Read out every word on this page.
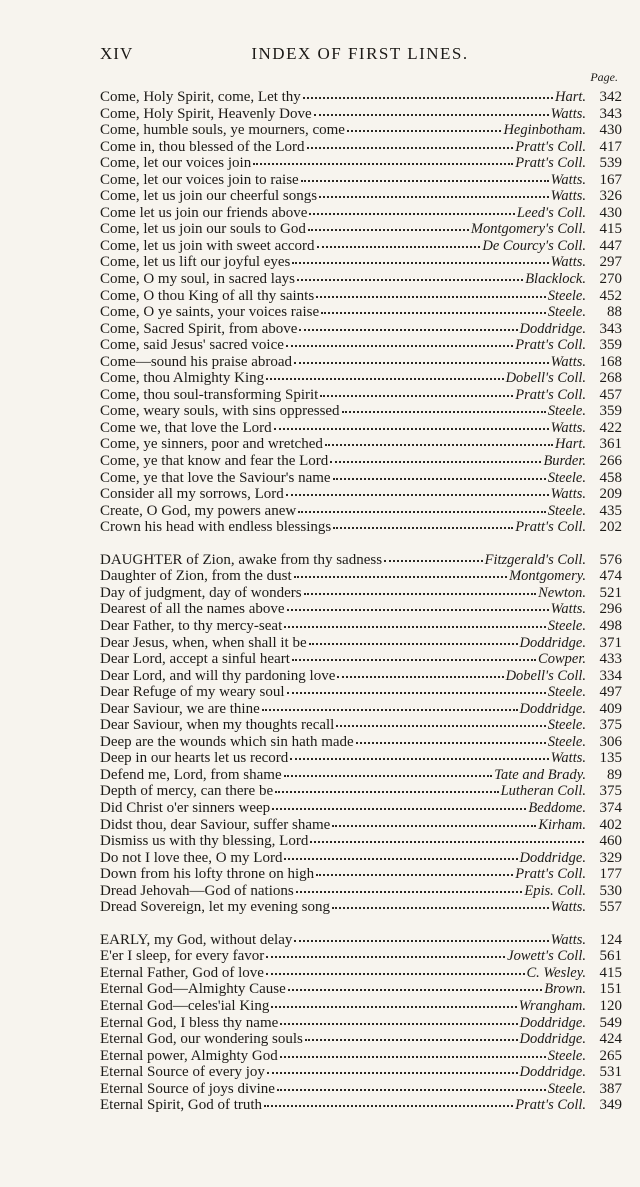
XIV	INDEX OF FIRST LINES.
Page.
Come, Holy Spirit, come, Let thy	Hart. 342
Come, Holy Spirit, Heavenly Dove	Watts. 343
Come, humble souls, ye mourners, come	Heginbotham. 430
Come in, thou blessed of the Lord	Pratt's Coll. 417
Come, let our voices join	Pratt's Coll. 539
Come, let our voices join to raise	Watts. 167
Come, let us join our cheerful songs	Watts. 326
Come let us join our friends above	Leed's Coll. 430
Come, let us join our souls to God	Montgomery's Coll. 415
Come, let us join with sweet accord	De Courcy's Coll. 447
Come, let us lift our joyful eyes	Watts. 297
Come, O my soul, in sacred lays	Blacklock. 270
Come, O thou King of all thy saints	Steele. 452
Come, O ye saints, your voices raise	Steele.	88
Come, Sacred Spirit, from above	Doddridge. 343
Come, said Jesus' sacred voice	Pratt's Coll. 359
Come—sound his praise abroad	Watts. 168
Come, thou Almighty King	Dobell's Coll. 268
Come, thou soul-transforming Spirit	Pratt's Coll. 457
Come, weary souls, with sins oppressed	Steele. 359
Come we, that love the Lord	Watts. 422
Come, ye sinners, poor and wretched	Hart. 361
Come, ye that know and fear the Lord	Burder. 266
Come, ye that love the Saviour's name	Steele. 458
Consider all my sorrows, Lord	Watts. 209
Create, O God, my powers anew	Steele. 435
Crown his head with endless blessings	Pratt's Coll. 202
DAUGHTER of Zion, awake from thy sadness	Fitzgerald's Coll. 576
Daughter of Zion, from the dust	Montgomery. 474
Day of judgment, day of wonders	Newton. 521
Dearest of all the names above	Watts. 296
Dear Father, to thy mercy-seat	Steele. 498
Dear Jesus, when, when shall it be	Doddridge. 371
Dear Lord, accept a sinful heart	Cowper. 433
Dear Lord, and will thy pardoning love	Dobell's Coll. 334
Dear Refuge of my weary soul	Steele. 497
Dear Saviour, we are thine	Doddridge. 409
Dear Saviour, when my thoughts recall	Steele. 375
Deep are the wounds which sin hath made	Steele. 306
Deep in our hearts let us record	Watts. 135
Defend me, Lord, from shame	Tate and Brady.	89
Depth of mercy, can there be	Lutheran Coll. 375
Did Christ o'er sinners weep	Beddome. 374
Didst thou, dear Saviour, suffer shame	Kirham. 402
Dismiss us with thy blessing, Lord	460
Do not I love thee, O my Lord	Doddridge. 329
Down from his lofty throne on high	Pratt's Coll. 177
Dread Jehovah—God of nations	Epis. Coll. 530
Dread Sovereign, let my evening song	Watts. 557
EARLY, my God, without delay	Watts. 124
E'er I sleep, for every favor	Jowett's Coll. 561
Eternal Father, God of love	C. Wesley. 415
Eternal God—Almighty Cause	Brown. 151
Eternal God—celes'ial King	Wrangham. 120
Eternal God, I bless thy name	Doddridge. 549
Eternal God, our wondering souls	Doddridge. 424
Eternal power, Almighty God	Steele. 265
Eternal Source of every joy	Doddridge. 531
Eternal Source of joys divine	Steele. 387
Eternal Spirit, God of truth	Pratt's Coll. 349
